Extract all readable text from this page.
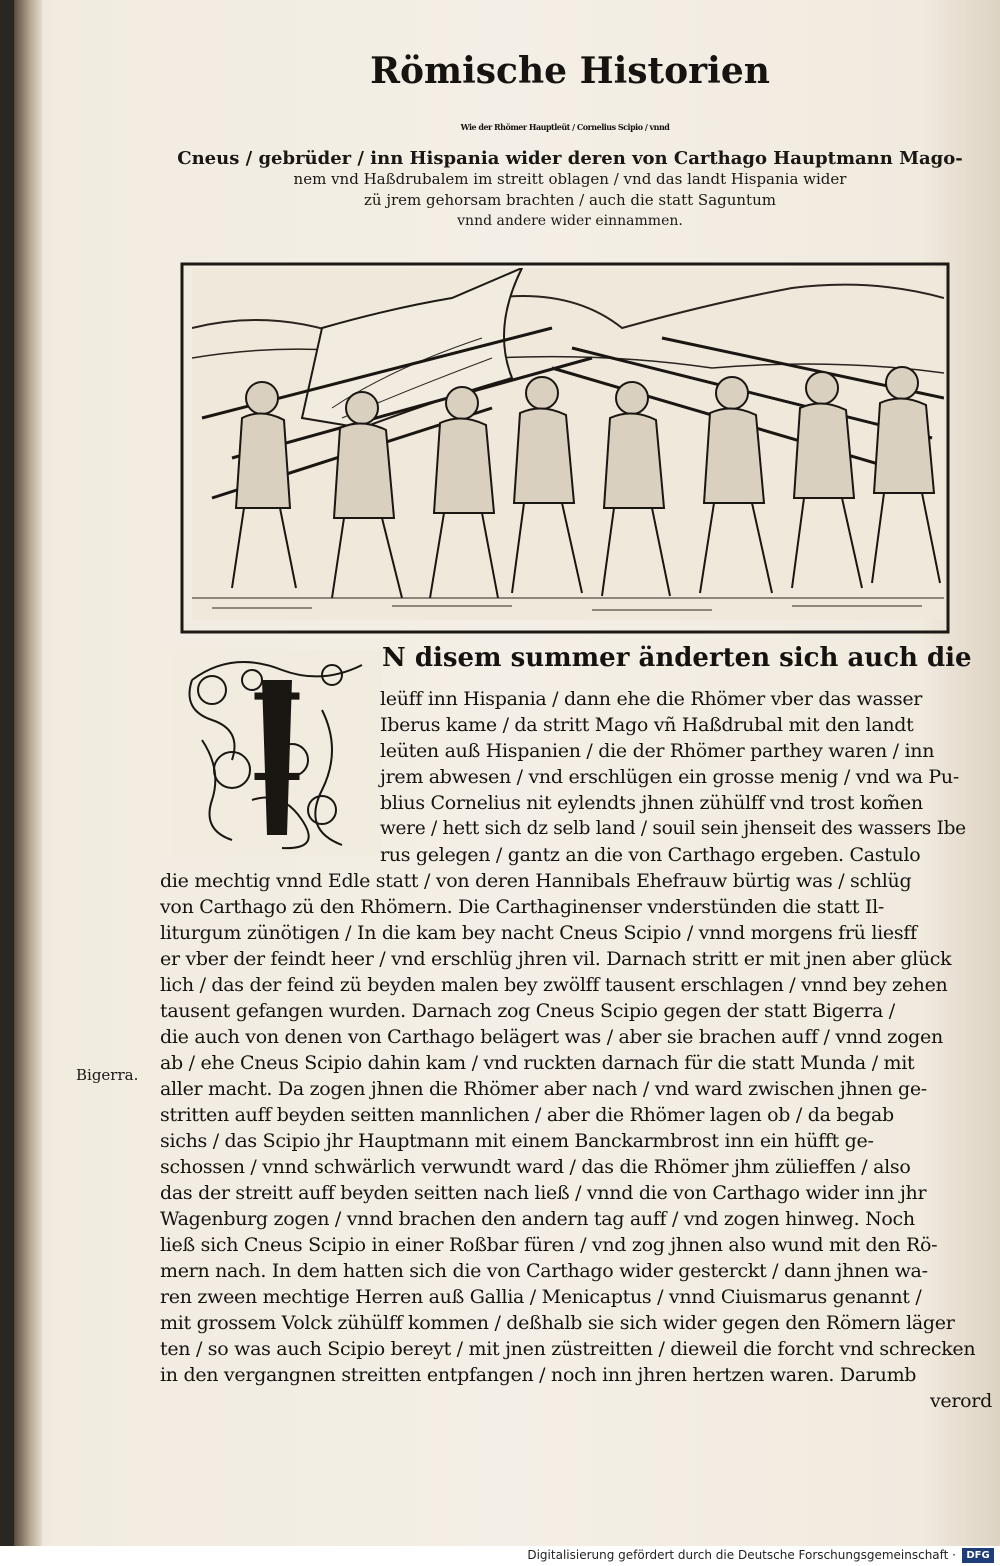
Römische Historien
Wie der Rhömer Hauptleüt / Cornelius Scipio / vnnd
Cneus / gebrüder / inn Hispania wider deren von Carthago Hauptmann Mago-
nem vnd Haßdrubalem im streitt oblagen / vnd das landt Hispania wider
zü jrem gehorsam brachten / auch die statt Saguntum
vnnd andere wider einnammen.
I
N disem summer änderten sich auch die
leüff inn Hispania / dann ehe die Rhömer vber das wasser
Iberus kame / da stritt Mago vñ Haßdrubal mit den landt
leüten auß Hispanien / die der Rhömer parthey waren / inn
jrem abwesen / vnd erschlügen ein grosse menig / vnd wa Pu-
blius Cornelius nit eylendts jhnen zühülff vnd trost kom̃en
were / hett sich dz selb land / souil sein jhenseit des wassers Ibe
rus gelegen / gantz an die von Carthago ergeben. Castulo
die mechtig vnnd Edle statt / von deren Hannibals Ehefrauw bürtig was / schlüg
von Carthago zü den Rhömern. Die Carthaginenser vnderstünden die statt Il-
liturgum zünötigen / In die kam bey nacht Cneus Scipio / vnnd morgens frü liesff
er vber der feindt heer / vnd erschlüg jhren vil. Darnach stritt er mit jnen aber glück
lich / das der feind zü beyden malen bey zwölff tausent erschlagen / vnnd bey zehen
tausent gefangen wurden. Darnach zog Cneus Scipio gegen der statt Bigerra /
die auch von denen von Carthago belägert was / aber sie brachen auff / vnnd zogen
ab / ehe Cneus Scipio dahin kam / vnd ruckten darnach für die statt Munda / mit
aller macht. Da zogen jhnen die Rhömer aber nach / vnd ward zwischen jhnen ge-
stritten auff beyden seitten mannlichen / aber die Rhömer lagen ob / da begab
sichs / das Scipio jhr Hauptmann mit einem Banckarmbrost inn ein hüfft ge-
schossen / vnnd schwärlich verwundt ward / das die Rhömer jhm zülieffen / also
das der streitt auff beyden seitten nach ließ / vnnd die von Carthago wider inn jhr
Wagenburg zogen / vnnd brachen den andern tag auff / vnd zogen hinweg. Noch
ließ sich Cneus Scipio in einer Roßbar füren / vnd zog jhnen also wund mit den Rö-
mern nach. In dem hatten sich die von Carthago wider gesterckt / dann jhnen wa-
ren zween mechtige Herren auß Gallia / Menicaptus / vnnd Ciuismarus genannt /
mit grossem Volck zühülff kommen / deßhalb sie sich wider gegen den Römern läger
ten / so was auch Scipio bereyt / mit jnen züstreitten / dieweil die forcht vnd schrecken
in den vergangnen streitten entpfangen / noch inn jhren hertzen waren. Darumb
verord
Bigerra.
Digitalisierung gefördert durch die Deutsche Forschungsgemeinschaft ·	DFG
